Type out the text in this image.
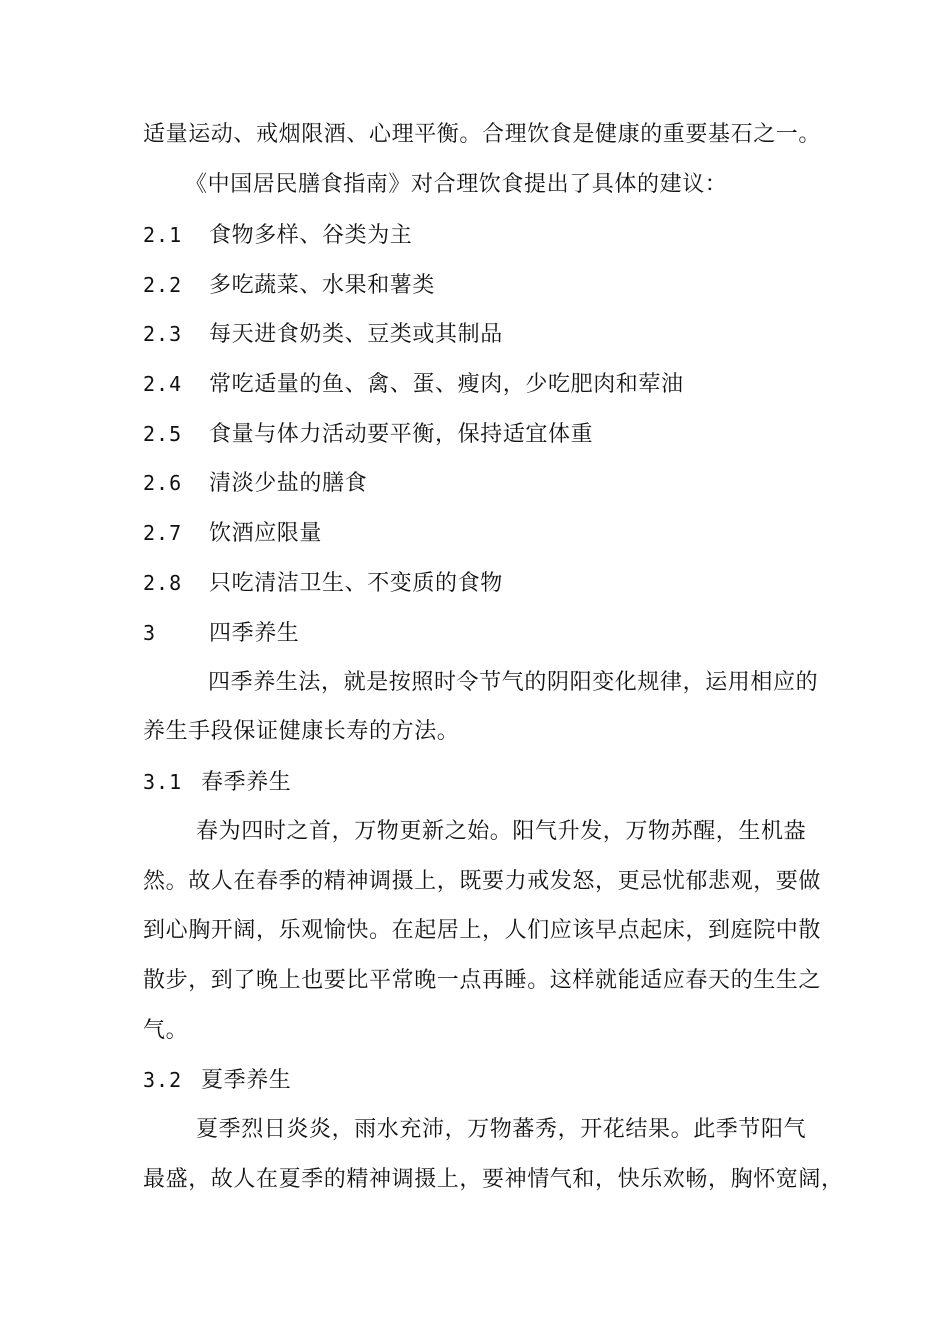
适量运动、戒烟限酒、心理平衡。合理饮食是健康的重要基石之一。
《中国居民膳食指南》对合理饮食提出了具体的建议：
2.1 食物多样、谷类为主
2.2 多吃蔬菜、水果和薯类
2.3 每天进食奶类、豆类或其制品
2.4 常吃适量的鱼、禽、蛋、瘦肉，少吃肥肉和荤油
2.5 食量与体力活动要平衡，保持适宜体重
2.6 清淡少盐的膳食
2.7 饮酒应限量
2.8 只吃清洁卫生、不变质的食物
3 四季养生
四季养生法，就是按照时令节气的阴阳变化规律，运用相应的
养生手段保证健康长寿的方法。
3.1 春季养生
春为四时之首，万物更新之始。阳气升发，万物苏醒，生机盎
然。故人在春季的精神调摄上，既要力戒发怒，更忌忧郁悲观，要做
到心胸开阔，乐观愉快。在起居上，人们应该早点起床，到庭院中散
散步，到了晚上也要比平常晚一点再睡。这样就能适应春天的生生之
气。
3.2 夏季养生
夏季烈日炎炎，雨水充沛，万物蕃秀，开花结果。此季节阳气
最盛，故人在夏季的精神调摄上，要神情气和，快乐欢畅，胸怀宽阔，
